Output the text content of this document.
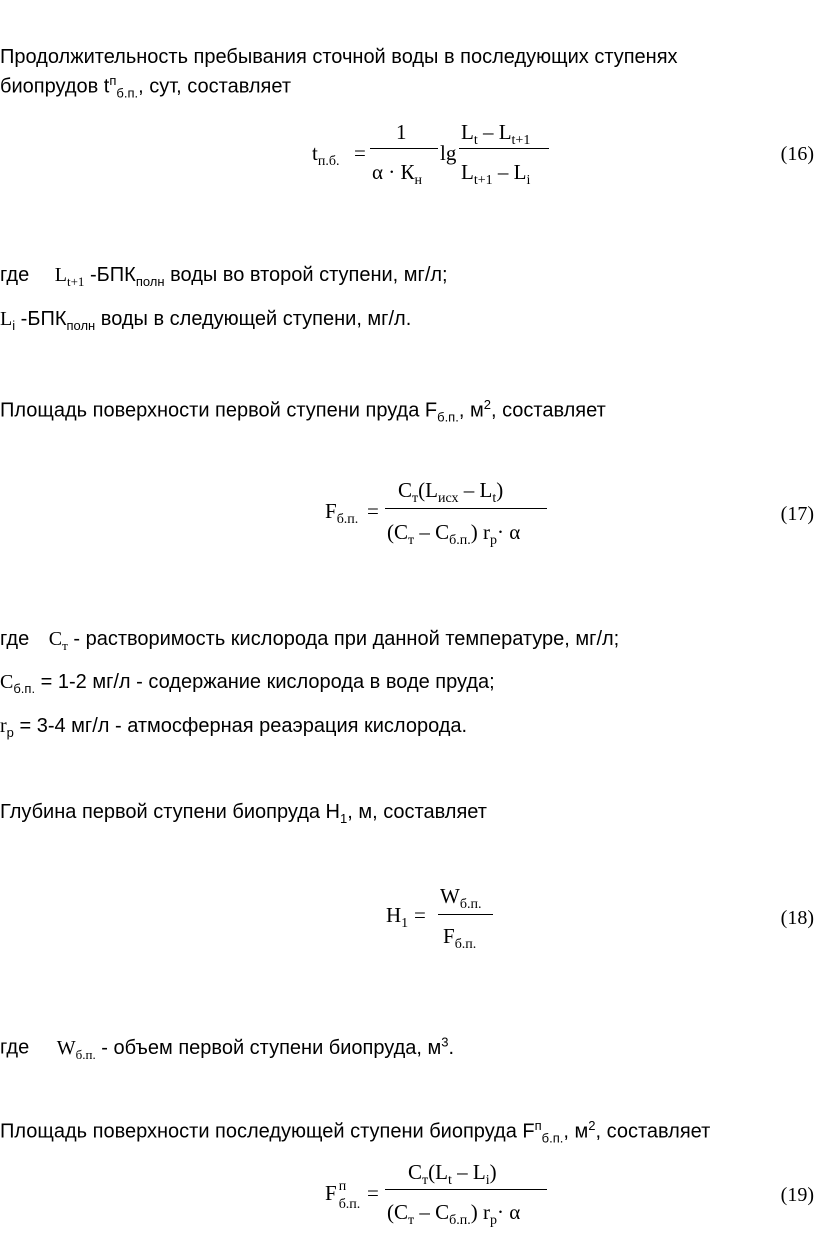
Продолжительность пребывания сточной воды в последующих ступенях
биопрудов $t^п_{б.п.}$, сут, составляет
$t_{п.б.}$ =
1
$\alpha \cdot К_н$
lg
$L_t - L_{t+1}$
$L_{t+1} - L_i$
(16)
где $L_{t+1}$ $-БПК_{полн}$ воды во второй ступени, мг/л;
$L_i$ $-БПК_{полн}$ воды в следующей ступени, мг/л.
Площадь поверхности первой ступени пруда $F_{б.п.}$, $м^2$, составляет
$F_{б.п.}$ =
$С_т(L_{исх} - L_t)$
$(С_т - С_{б.п.})$ $r_р\cdot \alpha$
(17)
где $С_т$ - растворимость кислорода при данной температуре, мг/л;
$С_{б.п.} = 1-2$ мг/л - содержание кислорода в воде пруда;
$r_р = 3-4$ мг/л - атмосферная реаэрация кислорода.
Глубина первой ступени биопруда $H_1$, м, составляет
$H_1$ =
$W_{б.п.}$
$F_{б.п.}$
(18)
где $W_{б.п.}$ - объем первой ступени биопруда, $м^3$.
Площадь поверхности последующей ступени биопруда $F^п_{б.п.}$, $м^2$, составляет
F п
б.п. =
$С_т(L_t - L_i)$
$(С_т - С_{б.п.})$ $r_р\cdot \alpha$
(19)
